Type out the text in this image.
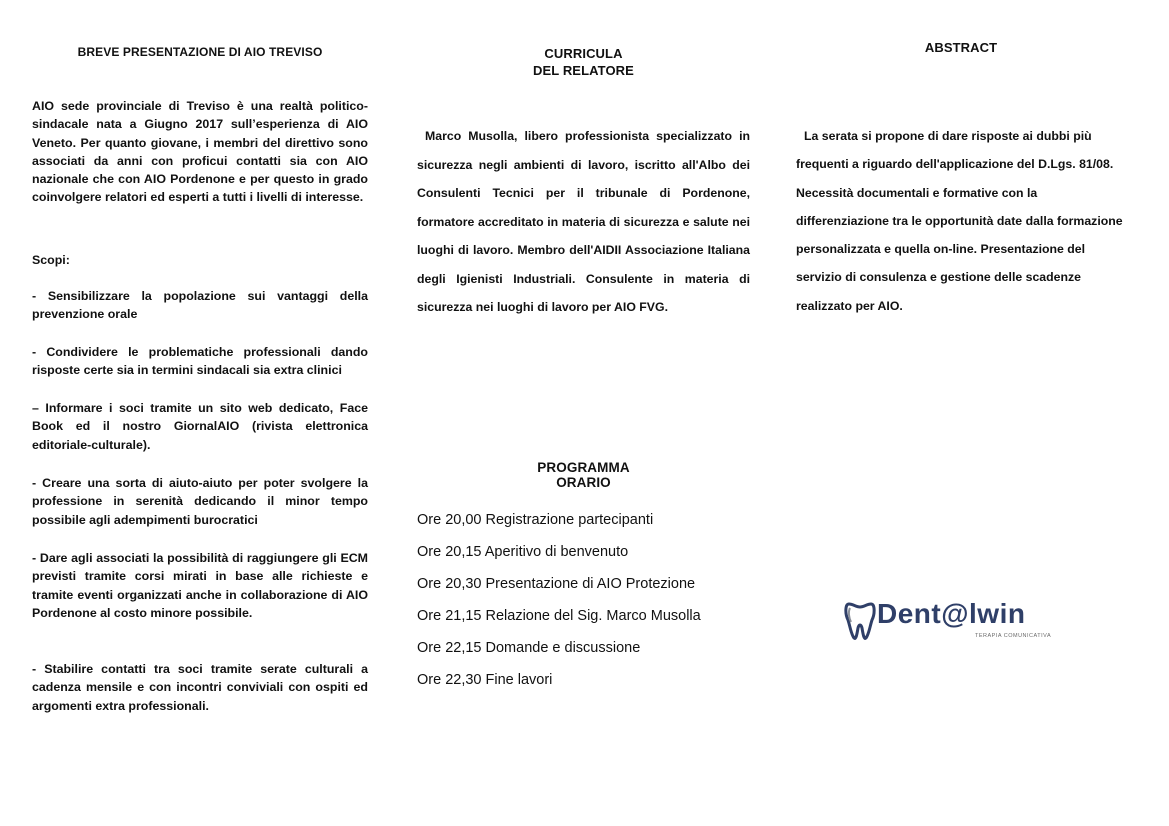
BREVE PRESENTAZIONE DI AIO TREVISO

AIO sede provinciale di Treviso è una realtà politico-sindacale nata a Giugno 2017 sull’esperienza di AIO Veneto. Per quanto giovane, i membri del direttivo sono associati da anni con proficui contatti sia con AIO nazionale che con AIO Pordenone e per questo in grado coinvolgere relatori ed esperti a tutti i livelli di interesse.

Scopi:

- Sensibilizzare la popolazione sui vantaggi della prevenzione orale

- Condividere le problematiche professionali dando risposte certe sia in termini sindacali sia extra clinici

– Informare i soci tramite un sito web dedicato, Face Book ed il nostro GiornalAIO (rivista elettronica editoriale-culturale).

- Creare una sorta di aiuto-aiuto per poter svolgere la professione in serenità dedicando il minor tempo possibile agli adempimenti burocratici

- Dare agli associati la possibilità di raggiungere gli ECM previsti tramite corsi mirati in base alle richieste e tramite eventi organizzati anche in collaborazione di AIO Pordenone al costo minore possibile.

- Stabilire contatti tra soci tramite serate culturali a cadenza mensile e con incontri conviviali con ospiti ed argomenti extra professionali.

CURRICULA
DEL RELATORE

Marco Musolla, libero professionista specializzato in sicurezza negli ambienti di lavoro, iscritto all'Albo dei Consulenti Tecnici per il tribunale di Pordenone, formatore accreditato in materia di sicurezza e salute nei luoghi di lavoro. Membro dell'AIDII Associazione Italiana degli Igienisti Industriali. Consulente in materia di sicurezza nei luoghi di lavoro per AIO FVG.

PROGRAMMA
ORARIO
Ore 20,00 Registrazione partecipanti
Ore 20,15 Aperitivo di benvenuto
Ore 20,30 Presentazione di AIO Protezione
Ore 21,15 Relazione del Sig. Marco Musolla
Ore 22,15 Domande e discussione
Ore 22,30 Fine lavori
ABSTRACT

La serata si propone di dare risposte ai dubbi più frequenti a riguardo dell'applicazione del D.Lgs. 81/08. Necessità documentali e formative con la differenziazione tra le opportunità date dalla formazione personalizzata e quella on-line. Presentazione del servizio di consulenza e gestione delle scadenze realizzato per AIO.

Dent@lwin
TERAPIA COMUNICATIVA
